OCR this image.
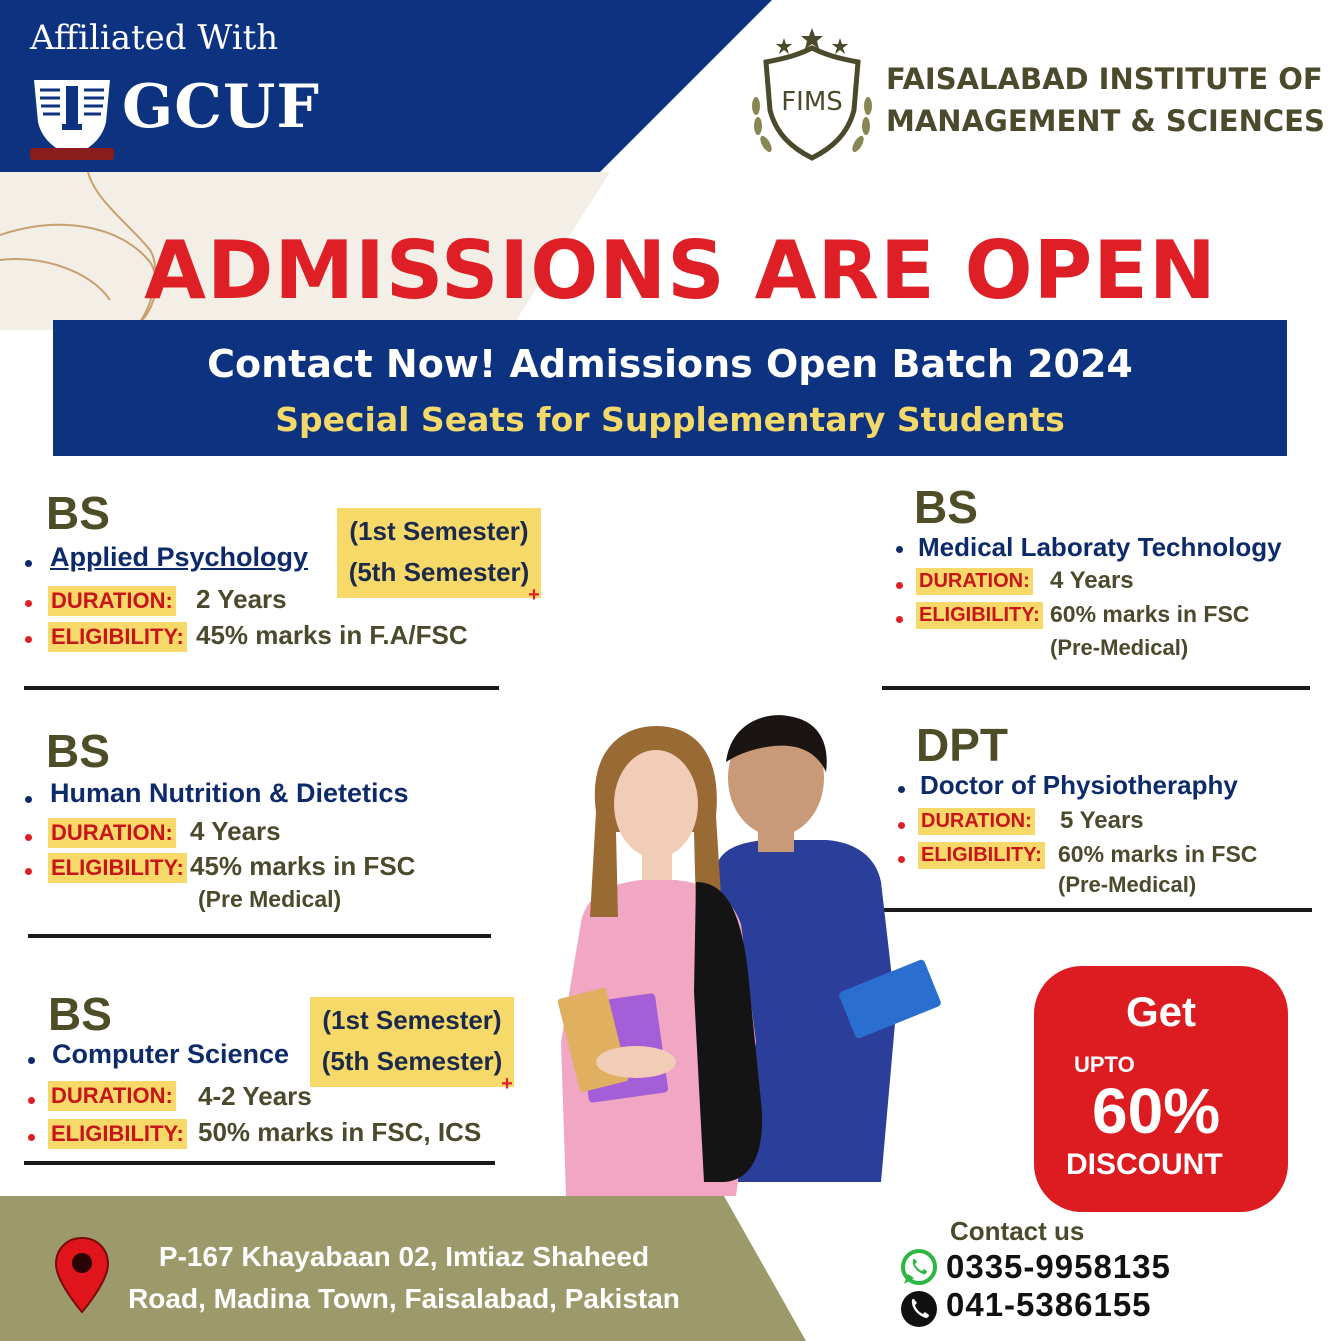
Affiliated With
GCUF	FIMS
FAISALABAD INSTITUTE OF
MANAGEMENT & SCIENCES
ADMISSIONS ARE OPEN
Contact Now! Admissions Open Batch 2024
Special Seats for Supplementary Students
BS
Applied Psychology
(1st Semester)
+
(5th Semester)
DURATION: 2 Years
ELIGIBILITY: 45% marks in F.A/FSC
BS
Human Nutrition & Dietetics
DURATION: 4 Years
ELIGIBILITY: 45% marks in FSC
(Pre Medical)
BS
Computer Science
(1st Semester)
+
(5th Semester)
DURATION: 4-2 Years
ELIGIBILITY: 50% marks in FSC, ICS
BS
Medical Laboraty Technology
DURATION: 4 Years
ELIGIBILITY: 60% marks in FSC
(Pre-Medical)
DPT
Doctor of Physiotheraphy
DURATION: 5 Years
ELIGIBILITY: 60% marks in FSC
(Pre-Medical)
Get
UPTO
60%
DISCOUNT
P-167 Khayabaan 02, Imtiaz Shaheed
Road, Madina Town, Faisalabad, Pakistan
Contact us
0335-9958135
041-5386155
